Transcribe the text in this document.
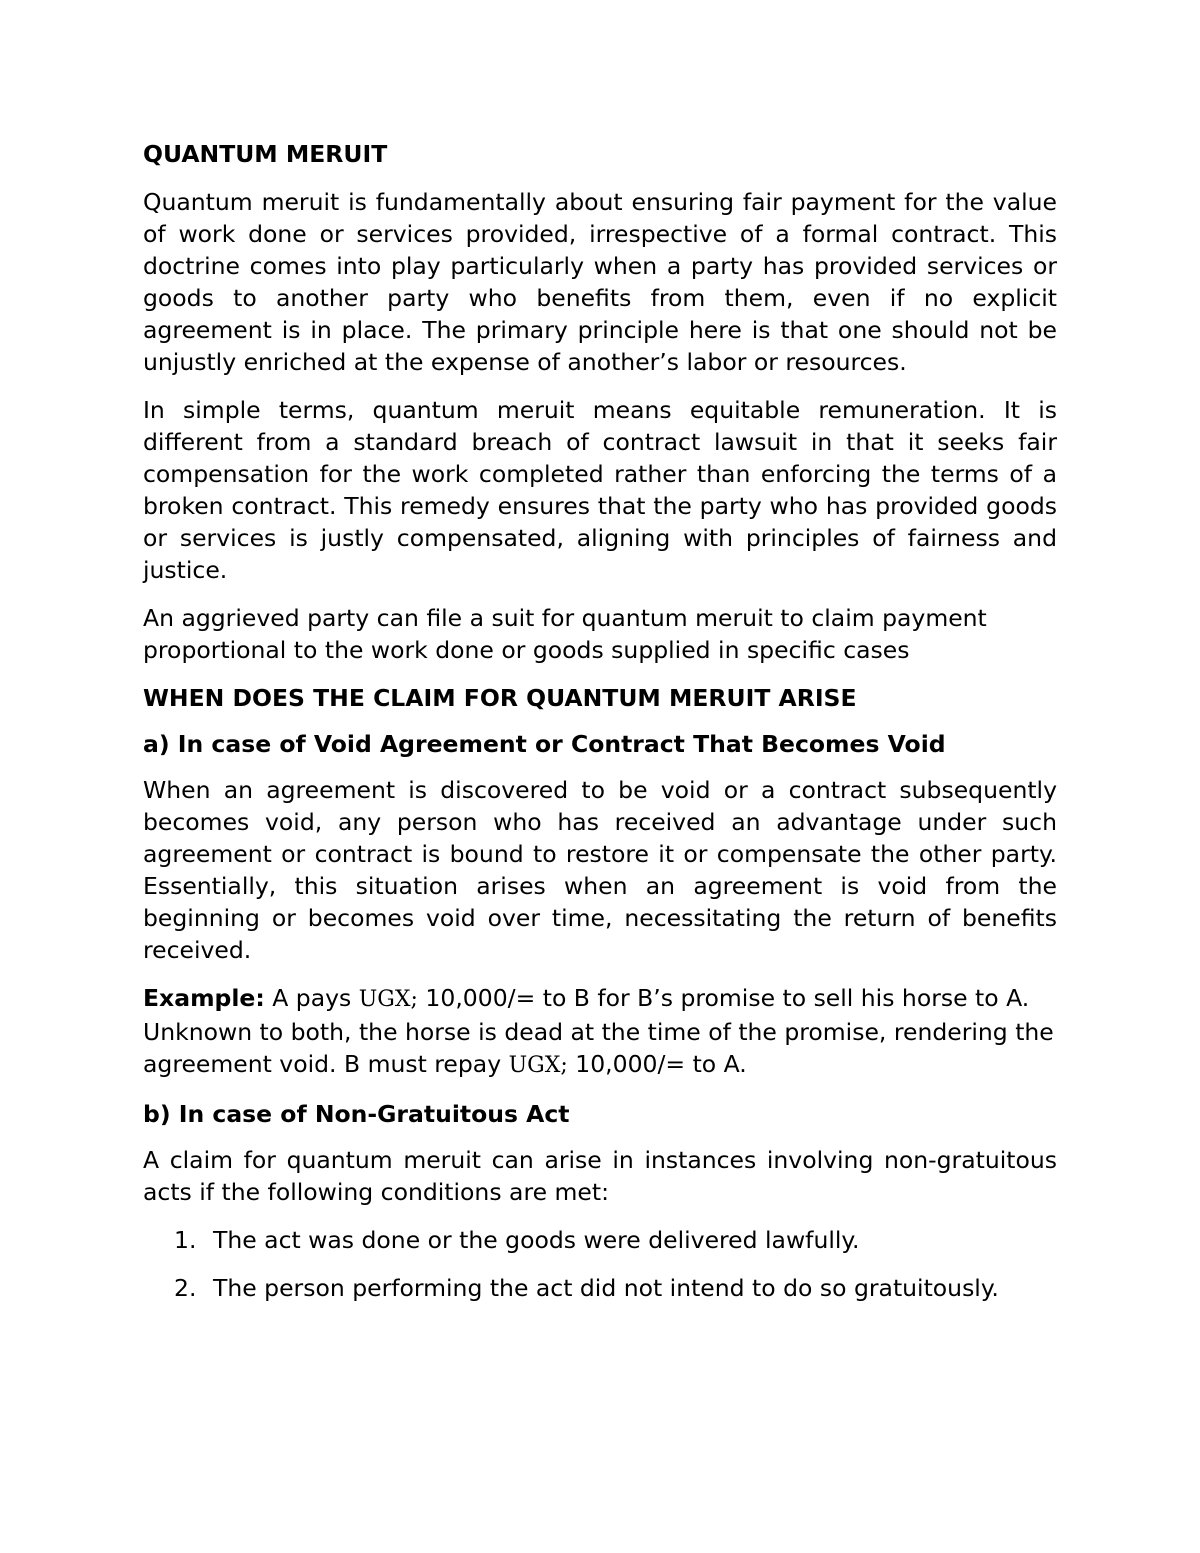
QUANTUM MERUIT

Quantum meruit is fundamentally about ensuring fair payment for the value of work done or services provided, irrespective of a formal contract. This doctrine comes into play particularly when a party has provided services or goods to another party who benefits from them, even if no explicit agreement is in place. The primary principle here is that one should not be unjustly enriched at the expense of another’s labor or resources.

In simple terms, quantum meruit means equitable remuneration. It is different from a standard breach of contract lawsuit in that it seeks fair compensation for the work completed rather than enforcing the terms of a broken contract. This remedy ensures that the party who has provided goods or services is justly compensated, aligning with principles of fairness and justice.

An aggrieved party can file a suit for quantum meruit to claim payment proportional to the work done or goods supplied in specific cases

WHEN DOES THE CLAIM FOR QUANTUM MERUIT ARISE
a) In case of Void Agreement or Contract That Becomes Void

When an agreement is discovered to be void or a contract subsequently becomes void, any person who has received an advantage under such agreement or contract is bound to restore it or compensate the other party. Essentially, this situation arises when an agreement is void from the beginning or becomes void over time, necessitating the return of benefits received.

Example: A pays UGX; 10,000/= to B for B’s promise to sell his horse to A. Unknown to both, the horse is dead at the time of the promise, rendering the agreement void. B must repay UGX; 10,000/= to A.

b) In case of Non-Gratuitous Act

A claim for quantum meruit can arise in instances involving non-gratuitous acts if the following conditions are met:

1. The act was done or the goods were delivered lawfully.
2. The person performing the act did not intend to do so gratuitously.
